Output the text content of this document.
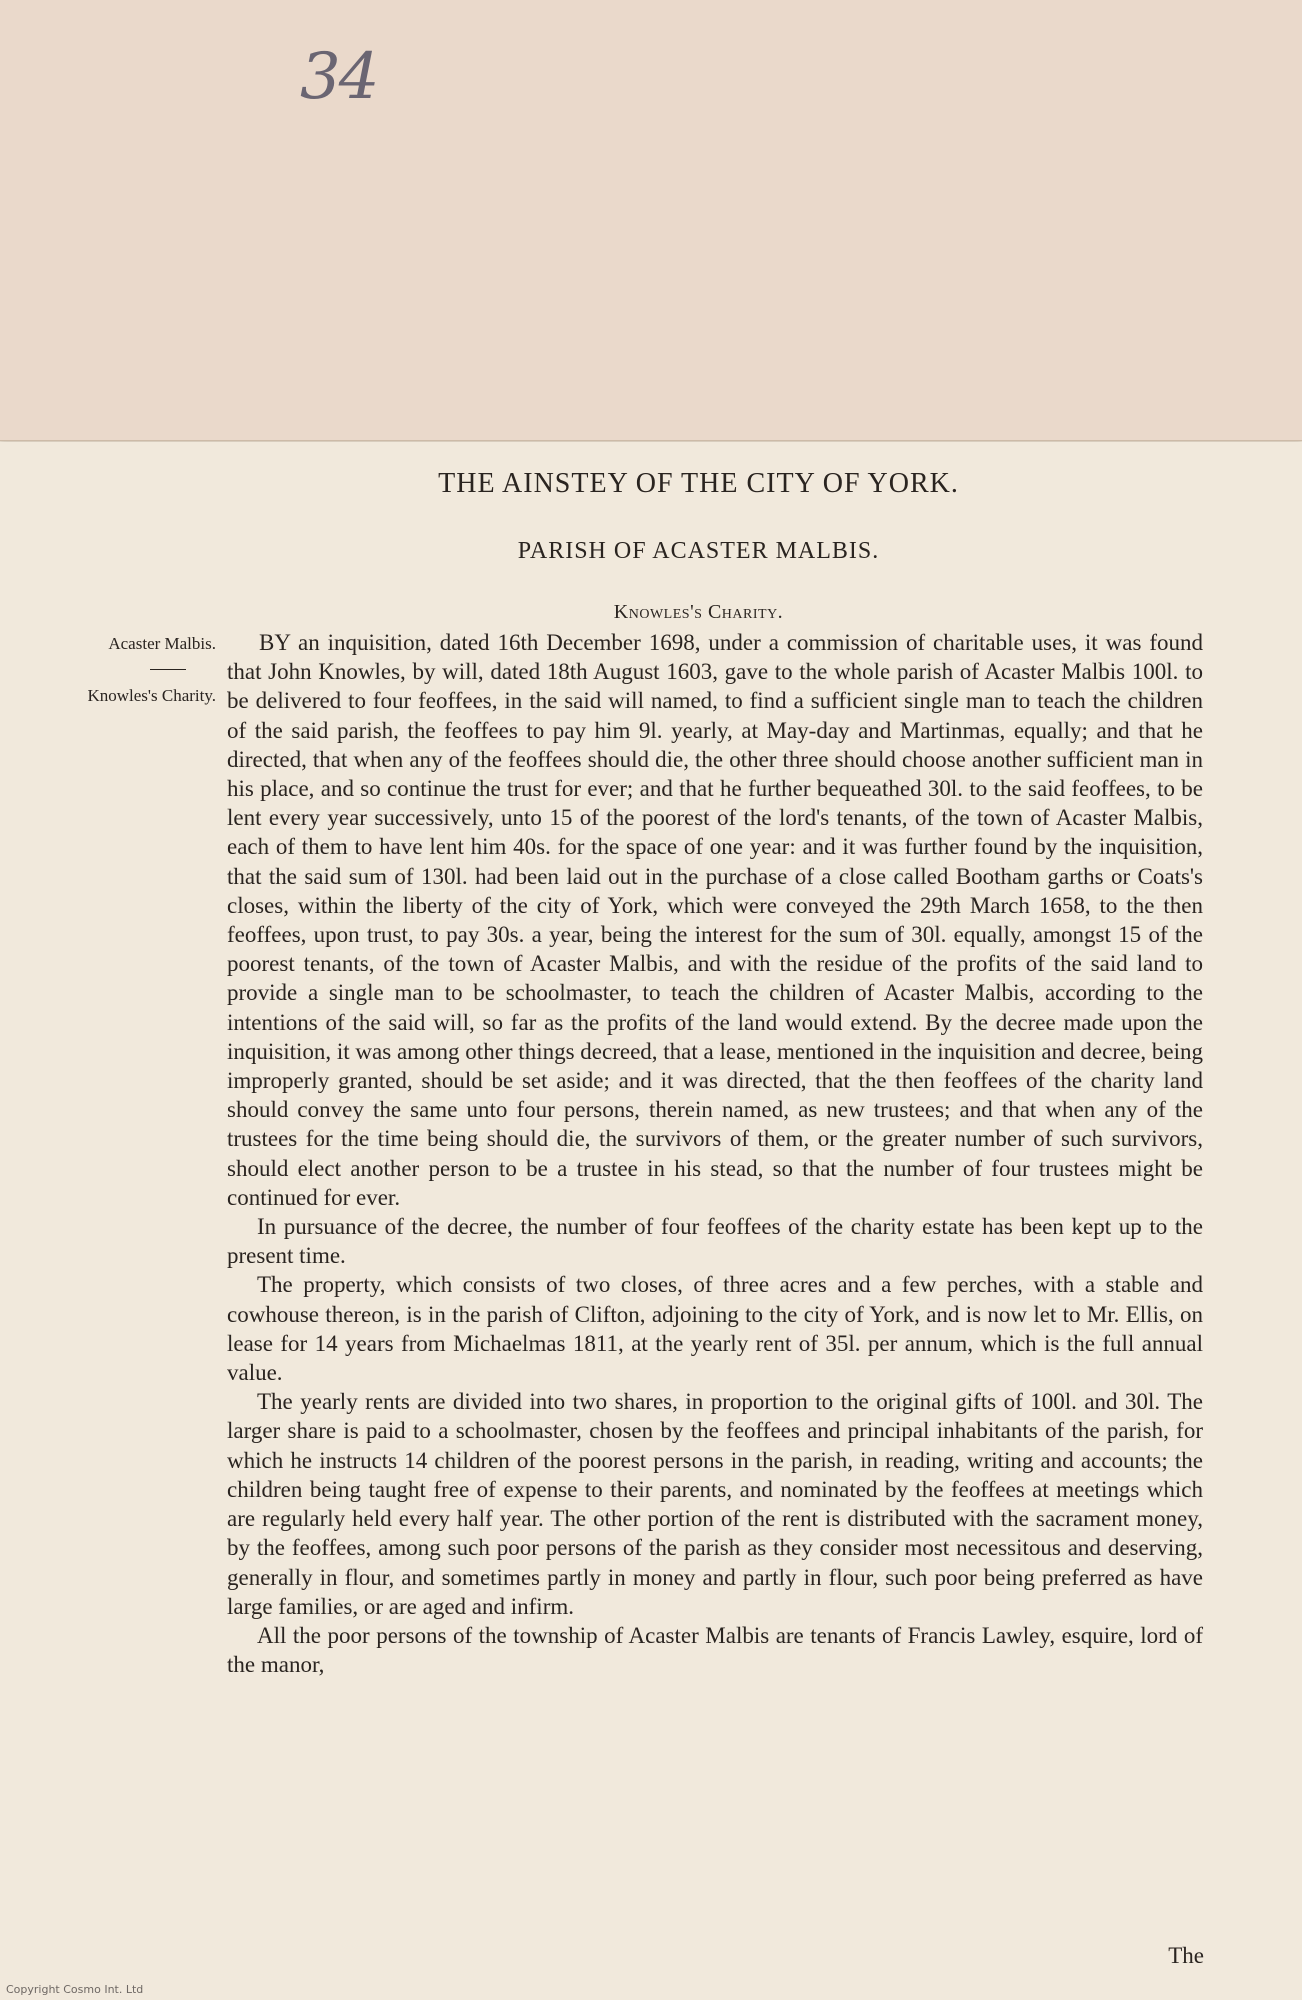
34
THE AINSTEY OF THE CITY OF YORK.
PARISH OF ACASTER MALBIS.
Knowles's Charity.
Acaster Malbis.
Knowles's Charity.

BY an inquisition, dated 16th December 1698, under a commission of charitable uses, it was found that John Knowles, by will, dated 18th August 1603, gave to the whole parish of Acaster Malbis 100l. to be delivered to four feoffees, in the said will named, to find a sufficient single man to teach the children of the said parish, the feoffees to pay him 9l. yearly, at May-day and Martinmas, equally; and that he directed, that when any of the feoffees should die, the other three should choose another sufficient man in his place, and so continue the trust for ever; and that he further bequeathed 30l. to the said feoffees, to be lent every year successively, unto 15 of the poorest of the lord's tenants, of the town of Acaster Malbis, each of them to have lent him 40s. for the space of one year: and it was further found by the inquisition, that the said sum of 130l. had been laid out in the purchase of a close called Bootham garths or Coats's closes, within the liberty of the city of York, which were conveyed the 29th March 1658, to the then feoffees, upon trust, to pay 30s. a year, being the interest for the sum of 30l. equally, amongst 15 of the poorest tenants, of the town of Acaster Malbis, and with the residue of the profits of the said land to provide a single man to be schoolmaster, to teach the children of Acaster Malbis, according to the intentions of the said will, so far as the profits of the land would extend. By the decree made upon the inquisition, it was among other things decreed, that a lease, mentioned in the inquisition and decree, being improperly granted, should be set aside; and it was directed, that the then feoffees of the charity land should convey the same unto four persons, therein named, as new trustees; and that when any of the trustees for the time being should die, the survivors of them, or the greater number of such survivors, should elect another person to be a trustee in his stead, so that the number of four trustees might be continued for ever.

In pursuance of the decree, the number of four feoffees of the charity estate has been kept up to the present time.

The property, which consists of two closes, of three acres and a few perches, with a stable and cowhouse thereon, is in the parish of Clifton, adjoining to the city of York, and is now let to Mr. Ellis, on lease for 14 years from Michaelmas 1811, at the yearly rent of 35l. per annum, which is the full annual value.

The yearly rents are divided into two shares, in proportion to the original gifts of 100l. and 30l. The larger share is paid to a schoolmaster, chosen by the feoffees and principal inhabitants of the parish, for which he instructs 14 children of the poorest persons in the parish, in reading, writing and accounts; the children being taught free of expense to their parents, and nominated by the feoffees at meetings which are regularly held every half year. The other portion of the rent is distributed with the sacrament money, by the feoffees, among such poor persons of the parish as they consider most necessitous and deserving, generally in flour, and sometimes partly in money and partly in flour, such poor being preferred as have large families, or are aged and infirm.

All the poor persons of the township of Acaster Malbis are tenants of Francis Lawley, esquire, lord of the manor,

The
Copyright Cosmo Int. Ltd
